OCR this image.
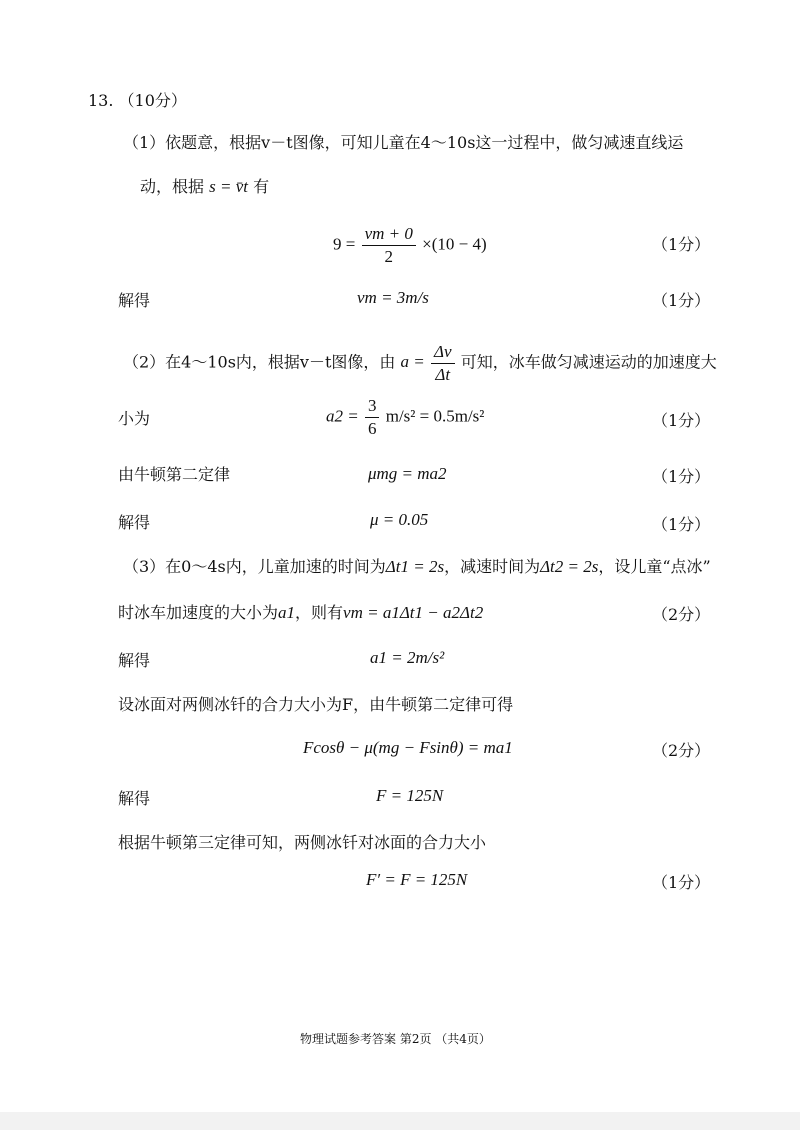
13. （10分）
（1）依题意，根据v－t图像，可知儿童在4～10s这一过程中，做匀减速直线运
动，根据 s = v̄t 有
$9 = \frac{vm + 0}{2} \times(10 - 4)$	（1分）
解得	vm = 3m/s	（1分）
（2）在4～10s内，根据v－t图像，由 $a = \frac{\Delta v}{\Delta t}$ 可知，冰车做匀减速运动的加速度大
小为	$a2 = \frac{3}{6} m/s^2 = 0.5m/s^2$	（1分）
由牛顿第二定律	μmg = ma2	（1分）
解得	μ = 0.05	（1分）
（3）在0～4s内，儿童加速的时间为Δt1 = 2s，减速时间为Δt2 = 2s，设儿童“点冰”
时冰车加速度的大小为a1，则有vm = a1Δt1 − a2Δt2	（2分）
解得	a1 = 2m/s²
设冰面对两侧冰钎的合力大小为F，由牛顿第二定律可得
Fcosθ − μ(mg − Fsinθ) = ma1	（2分）
解得	F = 125N
根据牛顿第三定律可知，两侧冰钎对冰面的合力大小
F′ = F = 125N	（1分）
物理试题参考答案 第2页 （共4页）
